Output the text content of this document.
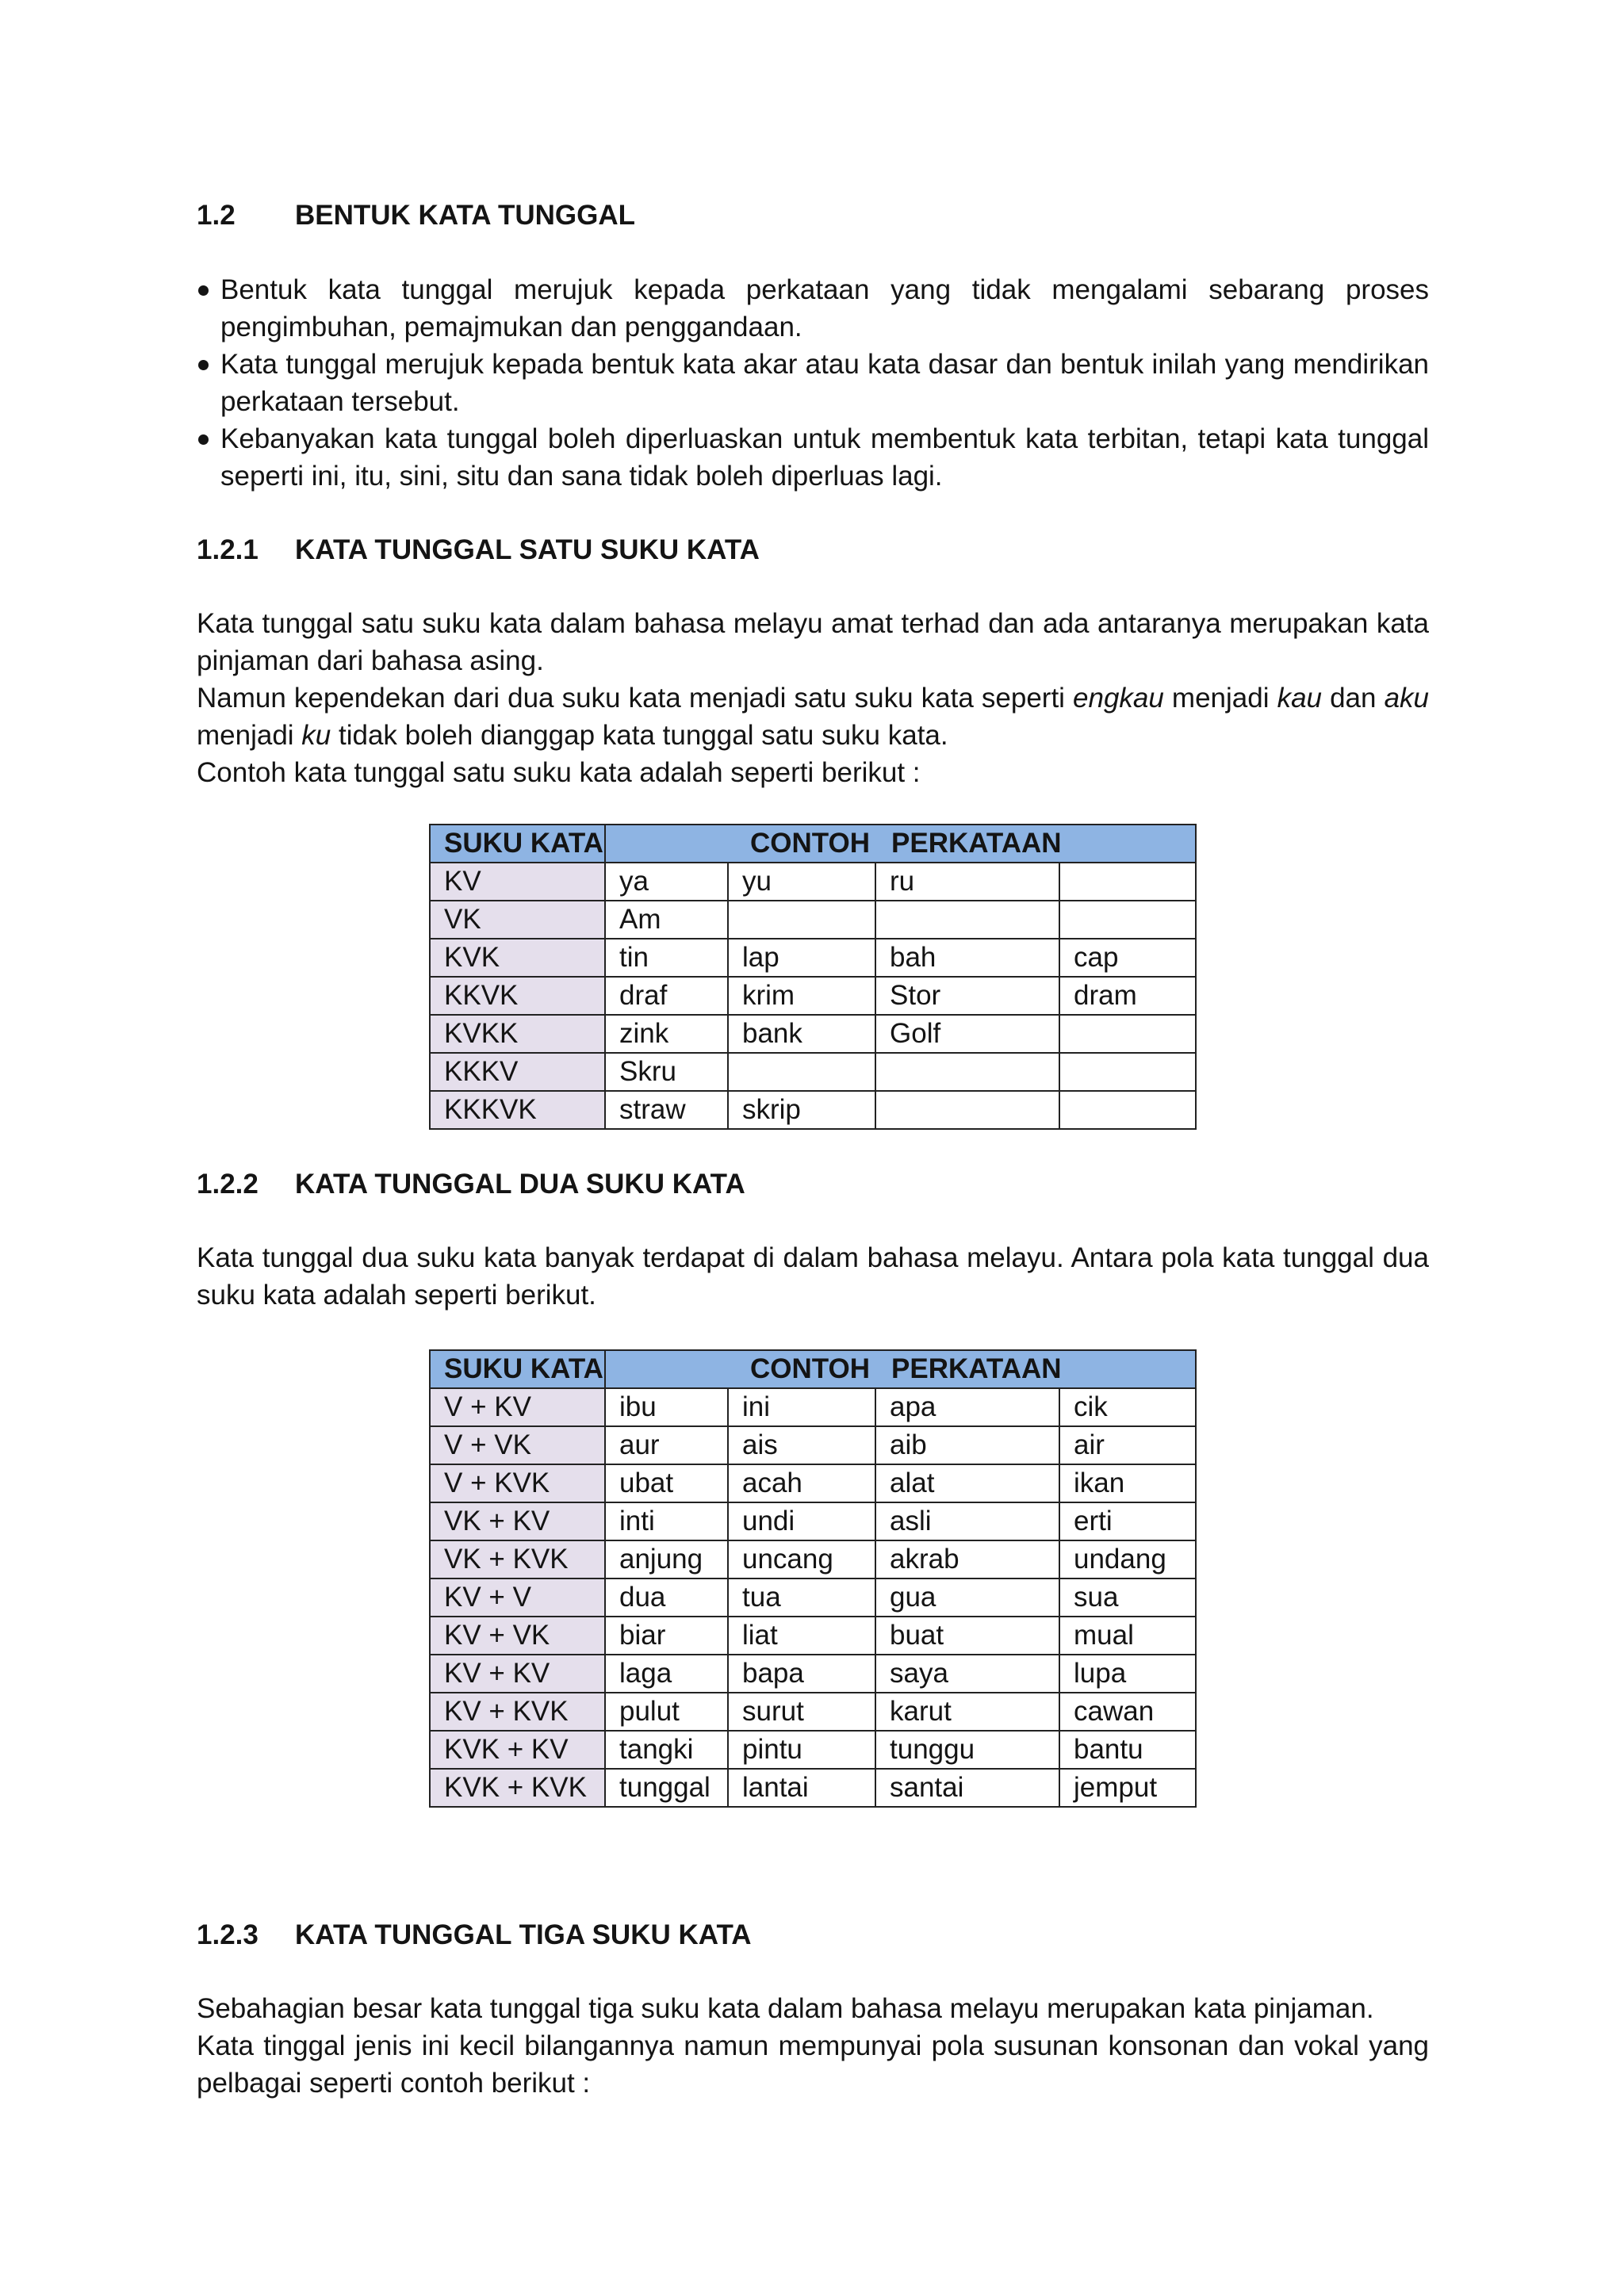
1.2 BENTUK KATA TUNGGAL
Bentuk kata tunggal merujuk kepada perkataan yang tidak mengalami sebarang proses pengimbuhan, pemajmukan dan penggandaan.
Kata tunggal merujuk kepada bentuk kata akar atau kata dasar dan bentuk inilah yang mendirikan perkataan tersebut.
Kebanyakan kata tunggal boleh diperluaskan untuk membentuk kata terbitan, tetapi kata tunggal seperti ini, itu, sini, situ dan sana tidak boleh diperluas lagi.
1.2.1 KATA TUNGGAL SATU SUKU KATA

Kata tunggal satu suku kata dalam bahasa melayu amat terhad dan ada antaranya merupakan kata pinjaman dari bahasa asing.

Namun kependekan dari dua suku kata menjadi satu suku kata seperti engkau menjadi kau dan aku menjadi ku tidak boleh dianggap kata tunggal satu suku kata.

Contoh kata tunggal satu suku kata adalah seperti berikut :

SUKU KATA	CONTOH PERKATAAN			

KV	ya	yu	ru	
VK	Am			
KVK	tin	lap	bah	cap
KKVK	draf	krim	Stor	dram
KVKK	zink	bank	Golf	
KKKV	Skru			
KKKVK	straw	skrip		
1.2.2 KATA TUNGGAL DUA SUKU KATA

Kata tunggal dua suku kata banyak terdapat di dalam bahasa melayu. Antara pola kata tunggal dua suku kata adalah seperti berikut.

SUKU KATA	CONTOH PERKATAAN			

V + KV	ibu	ini	apa	cik
V + VK	aur	ais	aib	air
V + KVK	ubat	acah	alat	ikan
VK + KV	inti	undi	asli	erti
VK + KVK	anjung	uncang	akrab	undang
KV + V	dua	tua	gua	sua
KV + VK	biar	liat	buat	mual
KV + KV	laga	bapa	saya	lupa
KV + KVK	pulut	surut	karut	cawan
KVK + KV	tangki	pintu	tunggu	bantu
KVK + KVK	tunggal	lantai	santai	jemput
1.2.3 KATA TUNGGAL TIGA SUKU KATA

Sebahagian besar kata tunggal tiga suku kata dalam bahasa melayu merupakan kata pinjaman.

Kata tinggal jenis ini kecil bilangannya namun mempunyai pola susunan konsonan dan vokal yang pelbagai seperti contoh berikut :
